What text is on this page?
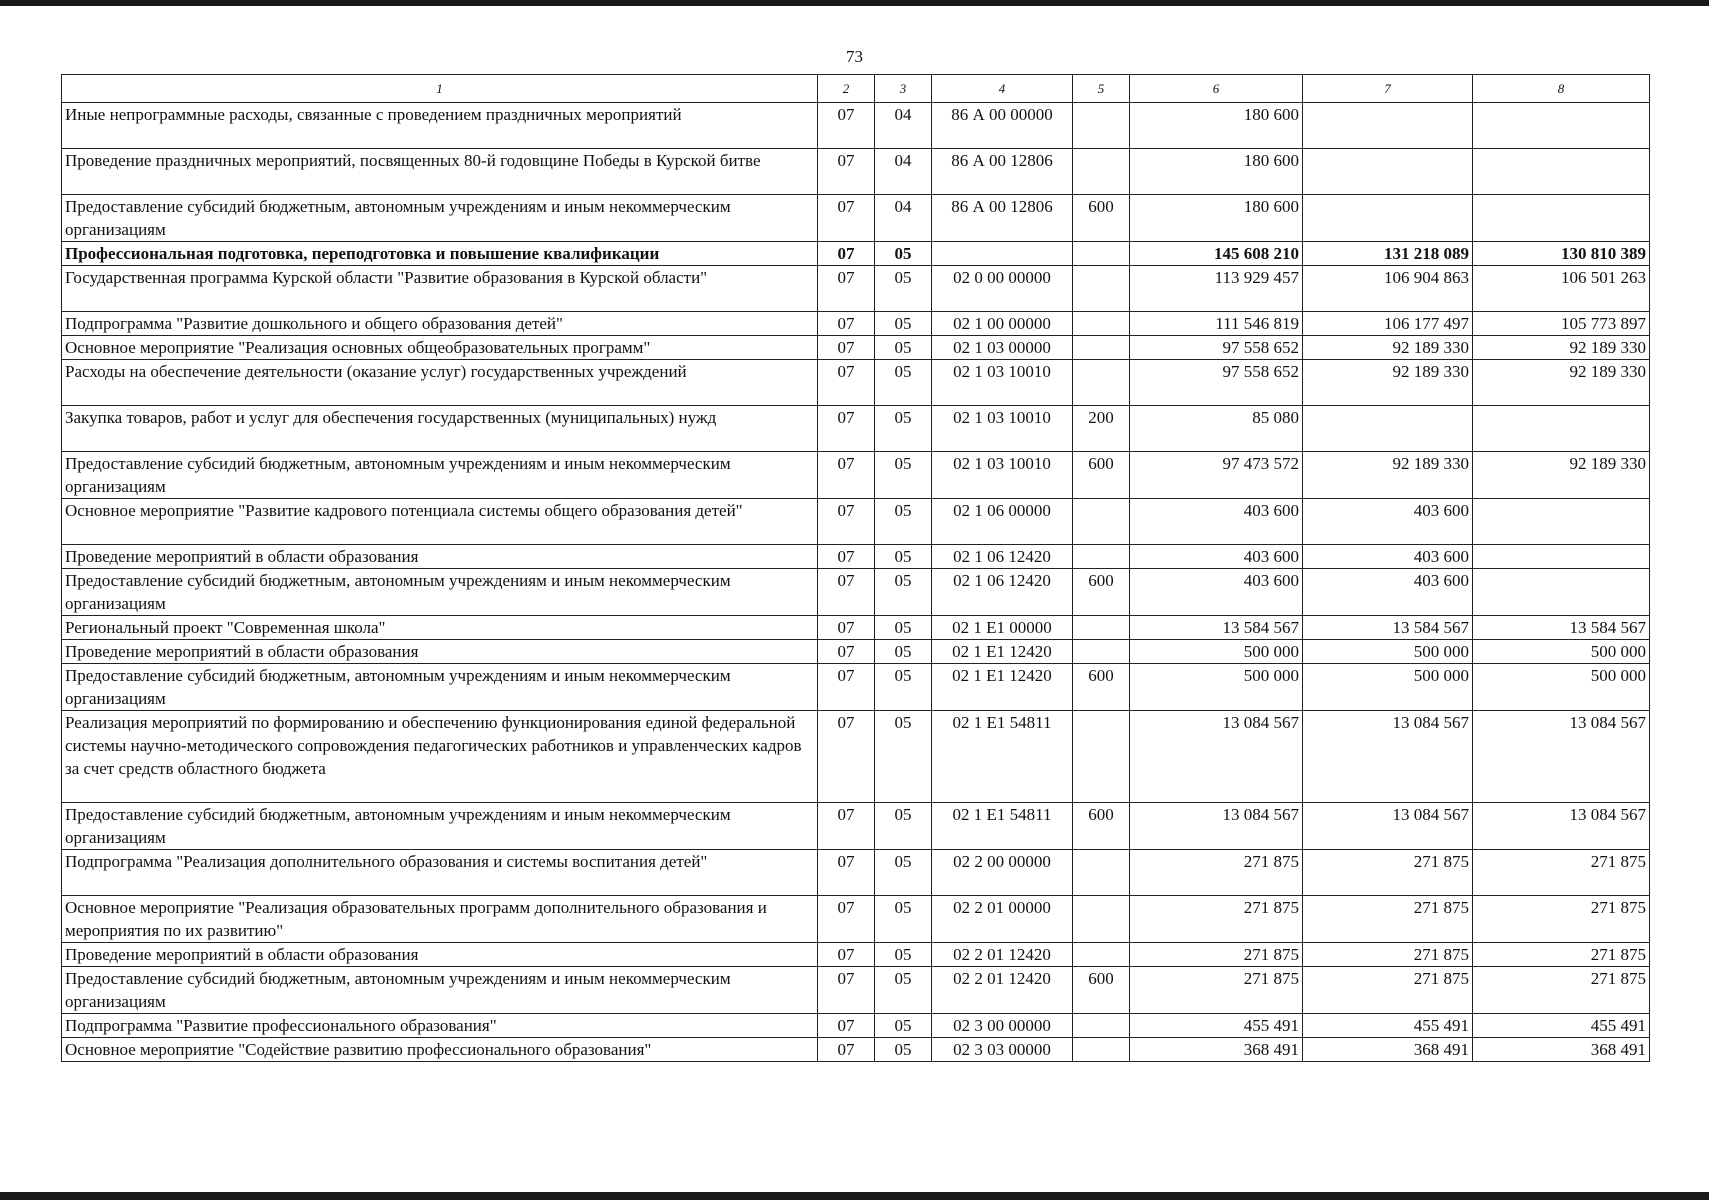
73
1	2	3	4	5	6	7	8
Иные непрограммные расходы, связанные с проведением праздничных мероприятий	07	04	86 А 00 00000		180 600		
Проведение праздничных мероприятий, посвященных 80-й годовщине Победы в Курской битве	07	04	86 А 00 12806		180 600		
Предоставление субсидий бюджетным, автономным учреждениям и иным некоммерческим организациям	07	04	86 А 00 12806	600	180 600		
Профессиональная подготовка, переподготовка и повышение квалификации	07	05			145 608 210	131 218 089	130 810 389
Государственная программа Курской области "Развитие образования в Курской области"	07	05	02 0 00 00000		113 929 457	106 904 863	106 501 263
Подпрограмма "Развитие дошкольного и общего образования детей"	07	05	02 1 00 00000		111 546 819	106 177 497	105 773 897
Основное мероприятие "Реализация основных общеобразовательных программ"	07	05	02 1 03 00000		97 558 652	92 189 330	92 189 330
Расходы на обеспечение деятельности (оказание услуг) государственных учреждений	07	05	02 1 03 10010		97 558 652	92 189 330	92 189 330
Закупка товаров, работ и услуг для обеспечения государственных (муниципальных) нужд	07	05	02 1 03 10010	200	85 080		
Предоставление субсидий бюджетным, автономным учреждениям и иным некоммерческим организациям	07	05	02 1 03 10010	600	97 473 572	92 189 330	92 189 330
Основное мероприятие "Развитие кадрового потенциала системы общего образования детей"	07	05	02 1 06 00000		403 600	403 600	
Проведение мероприятий в области образования	07	05	02 1 06 12420		403 600	403 600	
Предоставление субсидий бюджетным, автономным учреждениям и иным некоммерческим организациям	07	05	02 1 06 12420	600	403 600	403 600	
Региональный проект "Современная школа"	07	05	02 1 Е1 00000		13 584 567	13 584 567	13 584 567
Проведение мероприятий в области образования	07	05	02 1 Е1 12420		500 000	500 000	500 000
Предоставление субсидий бюджетным, автономным учреждениям и иным некоммерческим организациям	07	05	02 1 Е1 12420	600	500 000	500 000	500 000
Реализация мероприятий по формированию и обеспечению функционирования единой федеральной системы научно-методического сопровождения педагогических работников и управленческих кадров за счет средств областного бюджета	07	05	02 1 Е1 54811		13 084 567	13 084 567	13 084 567
Предоставление субсидий бюджетным, автономным учреждениям и иным некоммерческим организациям	07	05	02 1 Е1 54811	600	13 084 567	13 084 567	13 084 567
Подпрограмма "Реализация дополнительного образования и системы воспитания детей"	07	05	02 2 00 00000		271 875	271 875	271 875
Основное мероприятие "Реализация образовательных программ дополнительного образования и мероприятия по их развитию"	07	05	02 2 01 00000		271 875	271 875	271 875
Проведение мероприятий в области образования	07	05	02 2 01 12420		271 875	271 875	271 875
Предоставление субсидий бюджетным, автономным учреждениям и иным некоммерческим организациям	07	05	02 2 01 12420	600	271 875	271 875	271 875
Подпрограмма "Развитие профессионального образования"	07	05	02 3 00 00000		455 491	455 491	455 491
Основное мероприятие "Содействие развитию профессионального образования"	07	05	02 3 03 00000		368 491	368 491	368 491
